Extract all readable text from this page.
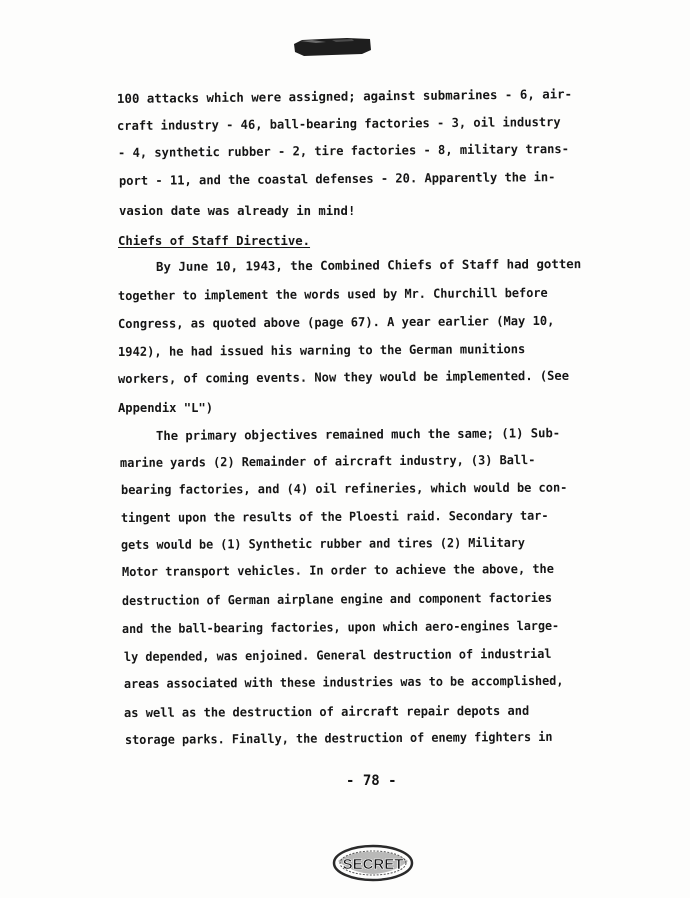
100 attacks which were assigned; against submarines - 6, air-
craft industry - 46, ball-bearing factories - 3, oil industry
- 4, synthetic rubber - 2, tire factories - 8, military trans-
port - 11, and the coastal defenses - 20. Apparently the in-
vasion date was already in mind!
Chiefs of Staff Directive.
By June 10, 1943, the Combined Chiefs of Staff had gotten
together to implement the words used by Mr. Churchill before
Congress, as quoted above (page 67). A year earlier (May 10,
1942), he had issued his warning to the German munitions
workers, of coming events. Now they would be implemented. (See
Appendix "L")
The primary objectives remained much the same; (1) Sub-
marine yards (2) Remainder of aircraft industry, (3) Ball-
bearing factories, and (4) oil refineries, which would be con-
tingent upon the results of the Ploesti raid. Secondary tar-
gets would be (1) Synthetic rubber and tires (2) Military
Motor transport vehicles. In order to achieve the above, the
destruction of German airplane engine and component factories
and the ball-bearing factories, upon which aero-engines large-
ly depended, was enjoined. General destruction of industrial
areas associated with these industries was to be accomplished,
as well as the destruction of aircraft repair depots and
storage parks. Finally, the destruction of enemy fighters in
- 78 -
SECRET
